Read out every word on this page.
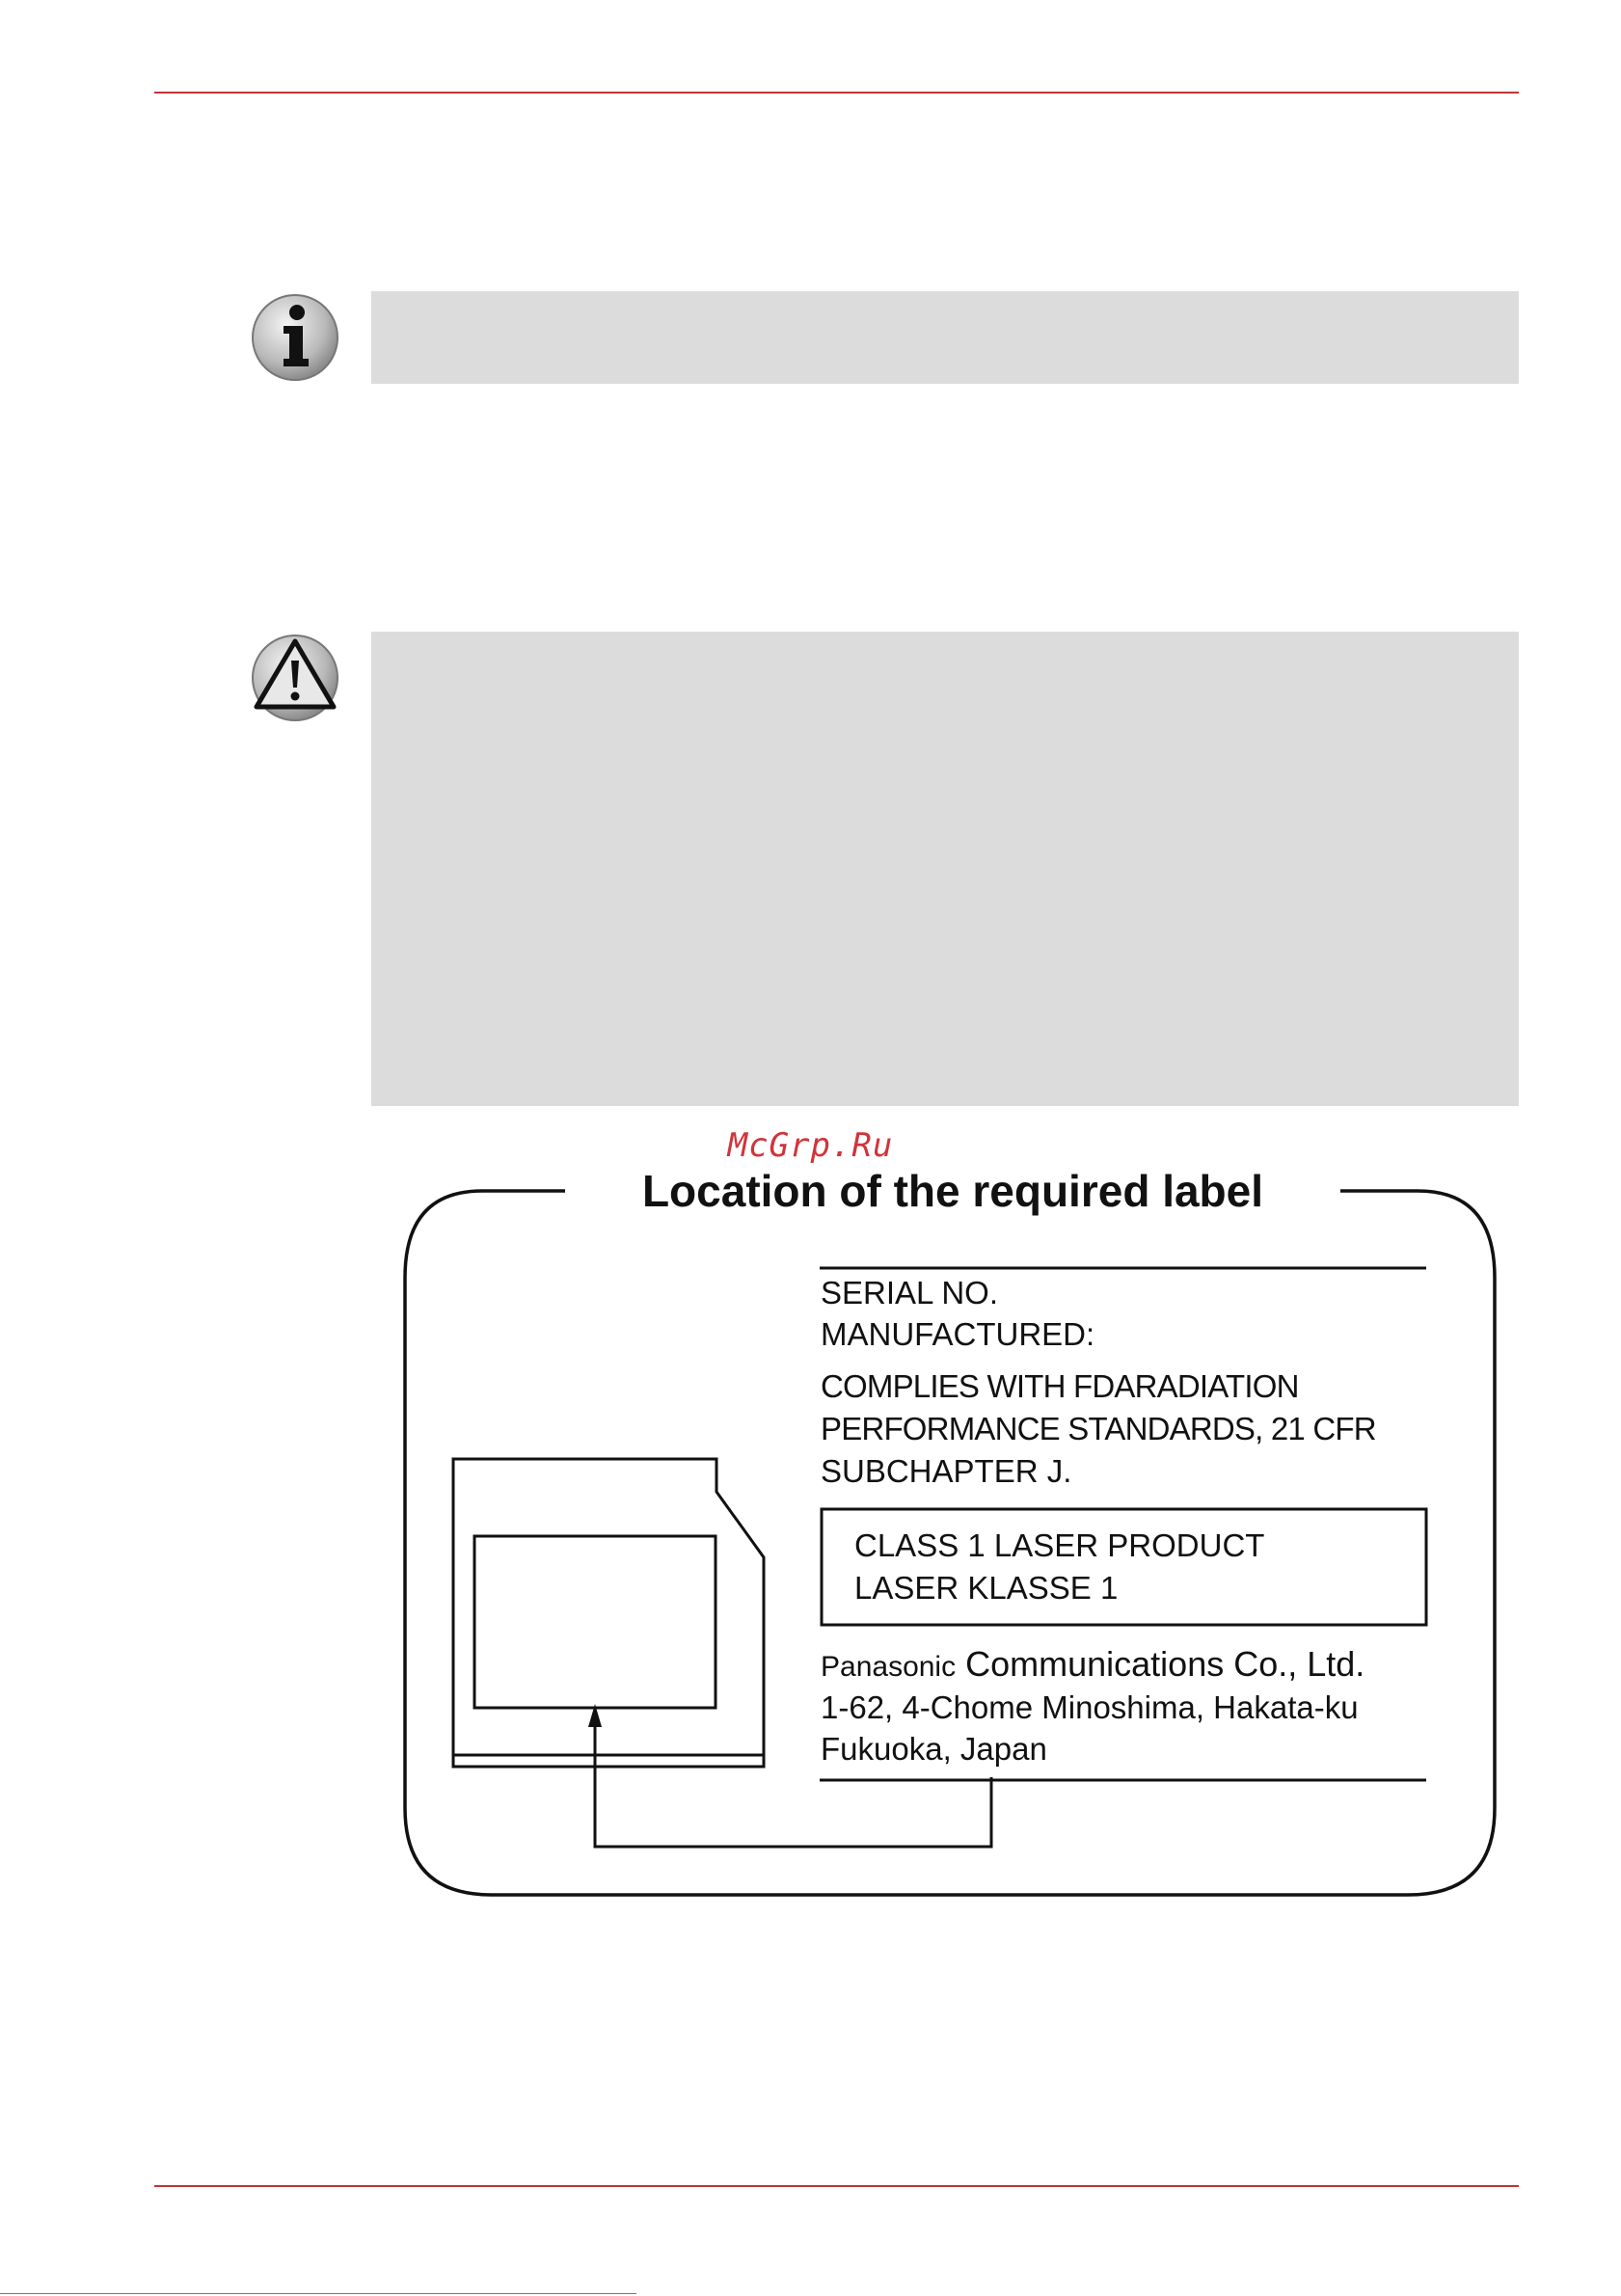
McGrp.Ru
Location of the required label
SERIAL NO.
MANUFACTURED:
COMPLIES WITH FDARADIATION
PERFORMANCE STANDARDS, 21 CFR
SUBCHAPTER J.
CLASS 1 LASER PRODUCT
LASER KLASSE 1
Panasonic Communications Co., Ltd.
1-62, 4-Chome Minoshima, Hakata-ku
Fukuoka, Japan
